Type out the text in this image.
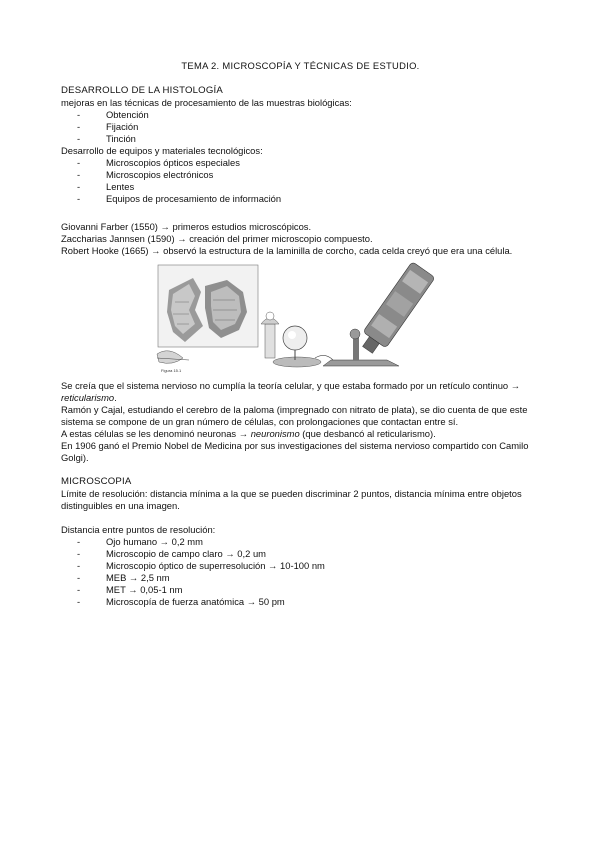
TEMA 2. MICROSCOPÍA Y TÉCNICAS DE ESTUDIO.
DESARROLLO DE LA HISTOLOGÍA
mejoras en las técnicas de procesamiento de las muestras biológicas:
- Obtención
- Fijación
- Tinción
Desarrollo de equipos y materiales tecnológicos:
- Microscopios ópticos especiales
- Microscopios electrónicos
- Lentes
- Equipos de procesamiento de información
Giovanni Farber (1550) → primeros estudios microscópicos.
Zaccharias Jannsen (1590) → creación del primer microscopio compuesto.
Robert Hooke (1665) → observó la estructura de la laminilla de corcho, cada celda creyó que era una célula.
Figura 15.1

Se creía que el sistema nervioso no cumplía la teoría celular, y que estaba formado por un retículo continuo → reticularismo.

Ramón y Cajal, estudiando el cerebro de la paloma (impregnado con nitrato de plata), se dio cuenta de que este sistema se compone de un gran número de células, con prolongaciones que contactan entre sí.

A estas células se les denominó neuronas → neuronismo (que desbancó al reticularismo).

En 1906 ganó el Premio Nobel de Medicina por sus investigaciones del sistema nervioso compartido con Camilo Golgi).

MICROSCOPIA
Límite de resolución: distancia mínima a la que se pueden discriminar 2 puntos, distancia mínima entre objetos distinguibles en una imagen.
Distancia entre puntos de resolución:
- Ojo humano → 0,2 mm
- Microscopio de campo claro → 0,2 um
- Microscopio óptico de superresolución → 10-100 nm
- MEB → 2,5 nm
- MET → 0,05-1 nm
- Microscopía de fuerza anatómica → 50 pm
